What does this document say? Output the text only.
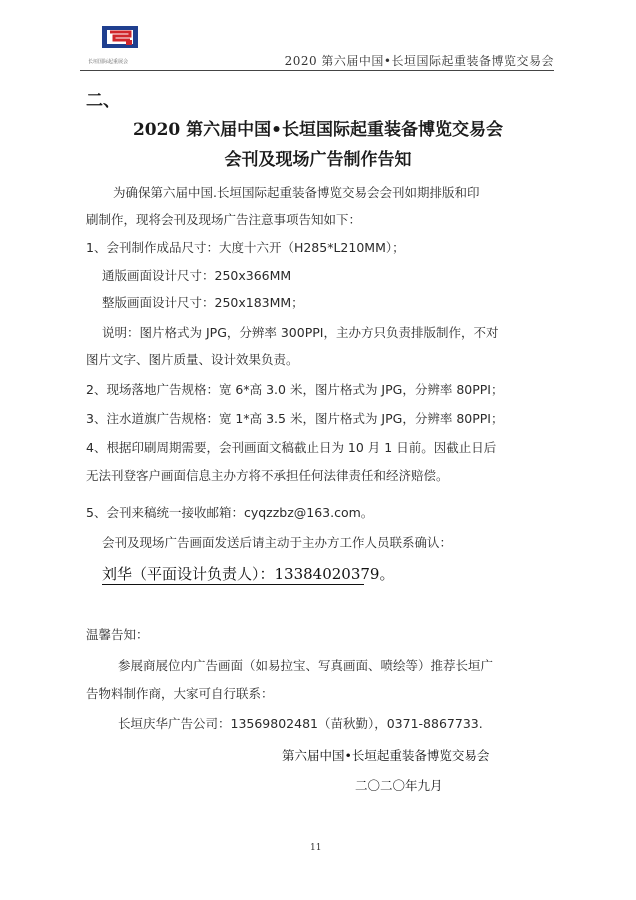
长垣国际起重展会	2020 第六届中国•长垣国际起重装备博览交易会
二、
2020 第六届中国•长垣国际起重装备博览交易会
会刊及现场广告制作告知
为确保第六届中国.长垣国际起重装备博览交易会会刊如期排版和印
刷制作，现将会刊及现场广告注意事项告知如下：
1、会刊制作成品尺寸：大度十六开（H285*L210MM）；
通版画面设计尺寸：250x366MM
整版画面设计尺寸：250x183MM；
说明：图片格式为 JPG，分辨率 300PPI，主办方只负责排版制作，不对
图片文字、图片质量、设计效果负责。
2、现场落地广告规格：宽 6*高 3.0 米，图片格式为 JPG，分辨率 80PPI；
3、注水道旗广告规格：宽 1*高 3.5 米，图片格式为 JPG，分辨率 80PPI；
4、根据印刷周期需要，会刊画面文稿截止日为 10 月 1 日前。因截止日后
无法刊登客户画面信息主办方将不承担任何法律责任和经济赔偿。
5、会刊来稿统一接收邮箱：cyqzzbz@163.com。
会刊及现场广告画面发送后请主动于主办方工作人员联系确认：
刘华（平面设计负责人）：13384020379。
温馨告知：
参展商展位内广告画面（如易拉宝、写真画面、喷绘等）推荐长垣广
告物料制作商，大家可自行联系：
长垣庆华广告公司：13569802481（苗秋勤），0371-8867733.
第六届中国•长垣起重装备博览交易会
二〇二〇年九月
11
